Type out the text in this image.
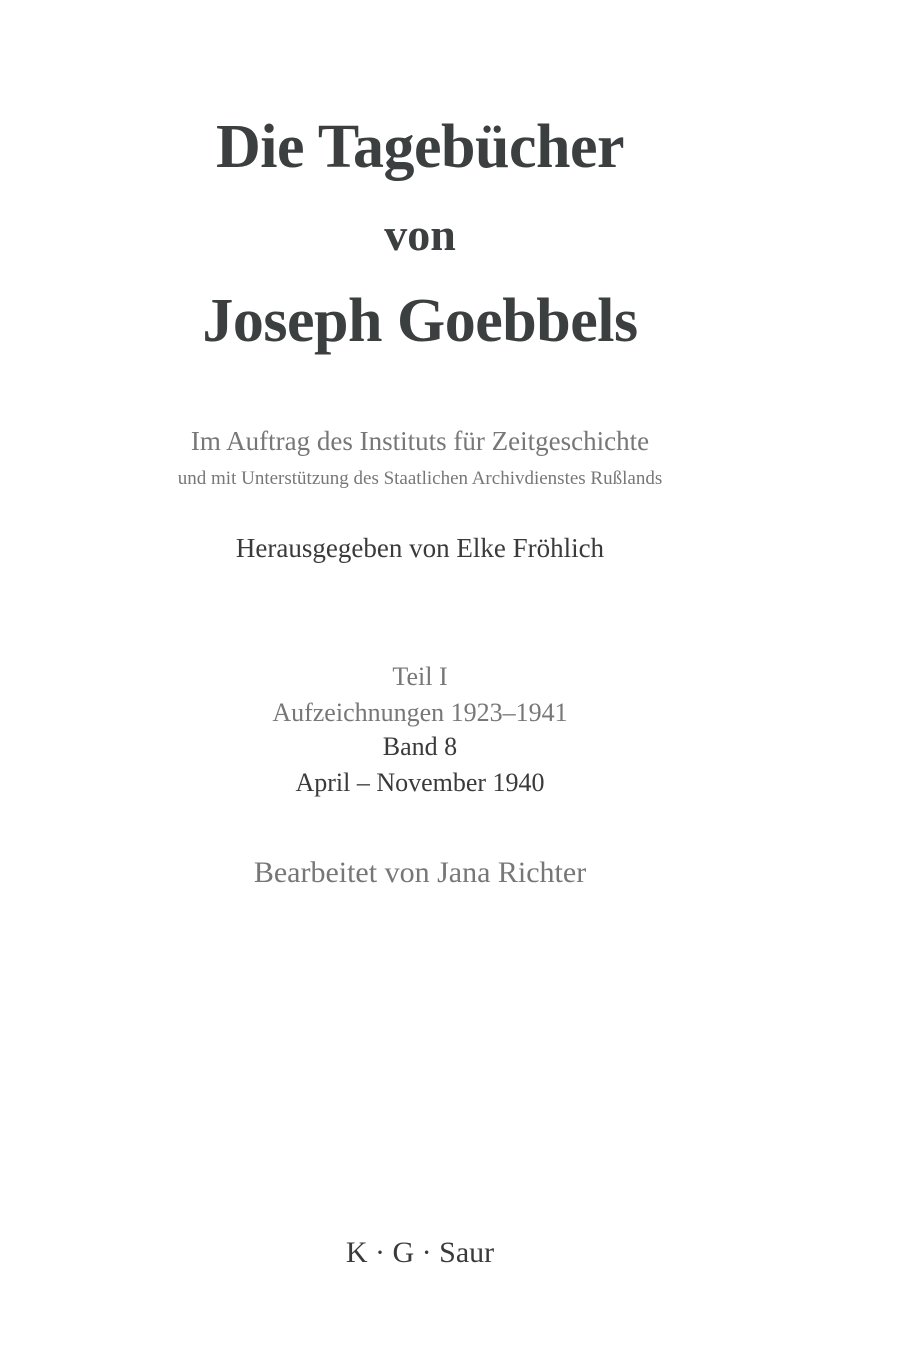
Die Tagebücher
von
Joseph Goebbels
Im Auftrag des Instituts für Zeitgeschichte
und mit Unterstützung des Staatlichen Archivdienstes Rußlands
Herausgegeben von Elke Fröhlich
Teil I
Aufzeichnungen 1923–1941
Band 8
April – November 1940
Bearbeitet von Jana Richter
K · G · Saur
